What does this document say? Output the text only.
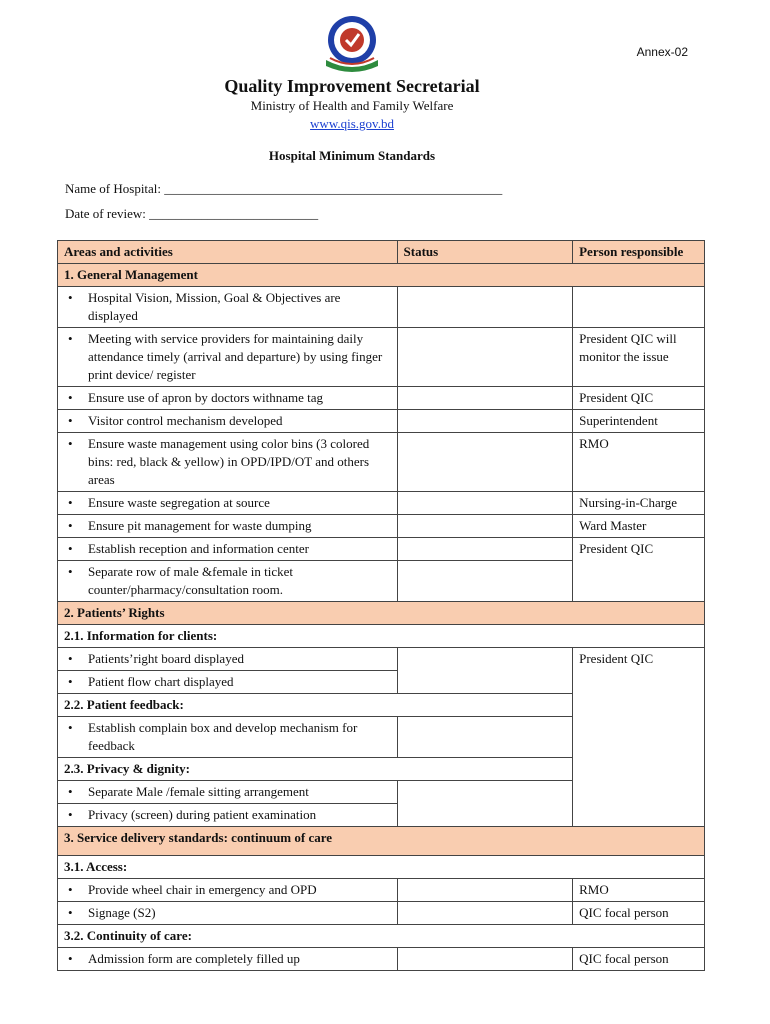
Annex-02
Quality Improvement Secretarial
Ministry of Health and Family Welfare
www.qis.gov.bd
Hospital Minimum Standards
Name of Hospital: ____________________________________________________
Date of review: __________________________
Areas and activities	Status	Person responsible
1. General Management		

• Hospital Vision, Mission, Goal & Objectives are displayed

• Meeting with service providers for maintaining daily attendance timely (arrival and departure) by using finger print device/ register		President QIC will monitor the issue

• Ensure use of apron by doctors withname tag		President QIC

• Visitor control mechanism developed		Superintendent

• Ensure waste management using color bins (3 colored bins: red, black & yellow) in OPD/IPD/OT and others areas		RMO

• Ensure waste segregation at source		Nursing-in-Charge

• Ensure pit management for waste dumping		Ward Master

• Establish reception and information center		President QIC

• Separate row of male &female in ticket counter/pharmacy/consultation room.

2. Patients’ Rights		
2.1. Information for clients:		

• Patients’right board displayed		President QIC

• Patient flow chart displayed

2.2. Patient feedback:		

• Establish complain box and develop mechanism for feedback

2.3. Privacy & dignity:		

• Separate Male /female sitting arrangement

• Privacy (screen) during patient examination

3. Service delivery standards: continuum of care		
3.1. Access:		

• Provide wheel chair in emergency and OPD		RMO

• Signage (S2)		QIC focal person
3.2. Continuity of care:		

• Admission form are completely filled up		QIC focal person
